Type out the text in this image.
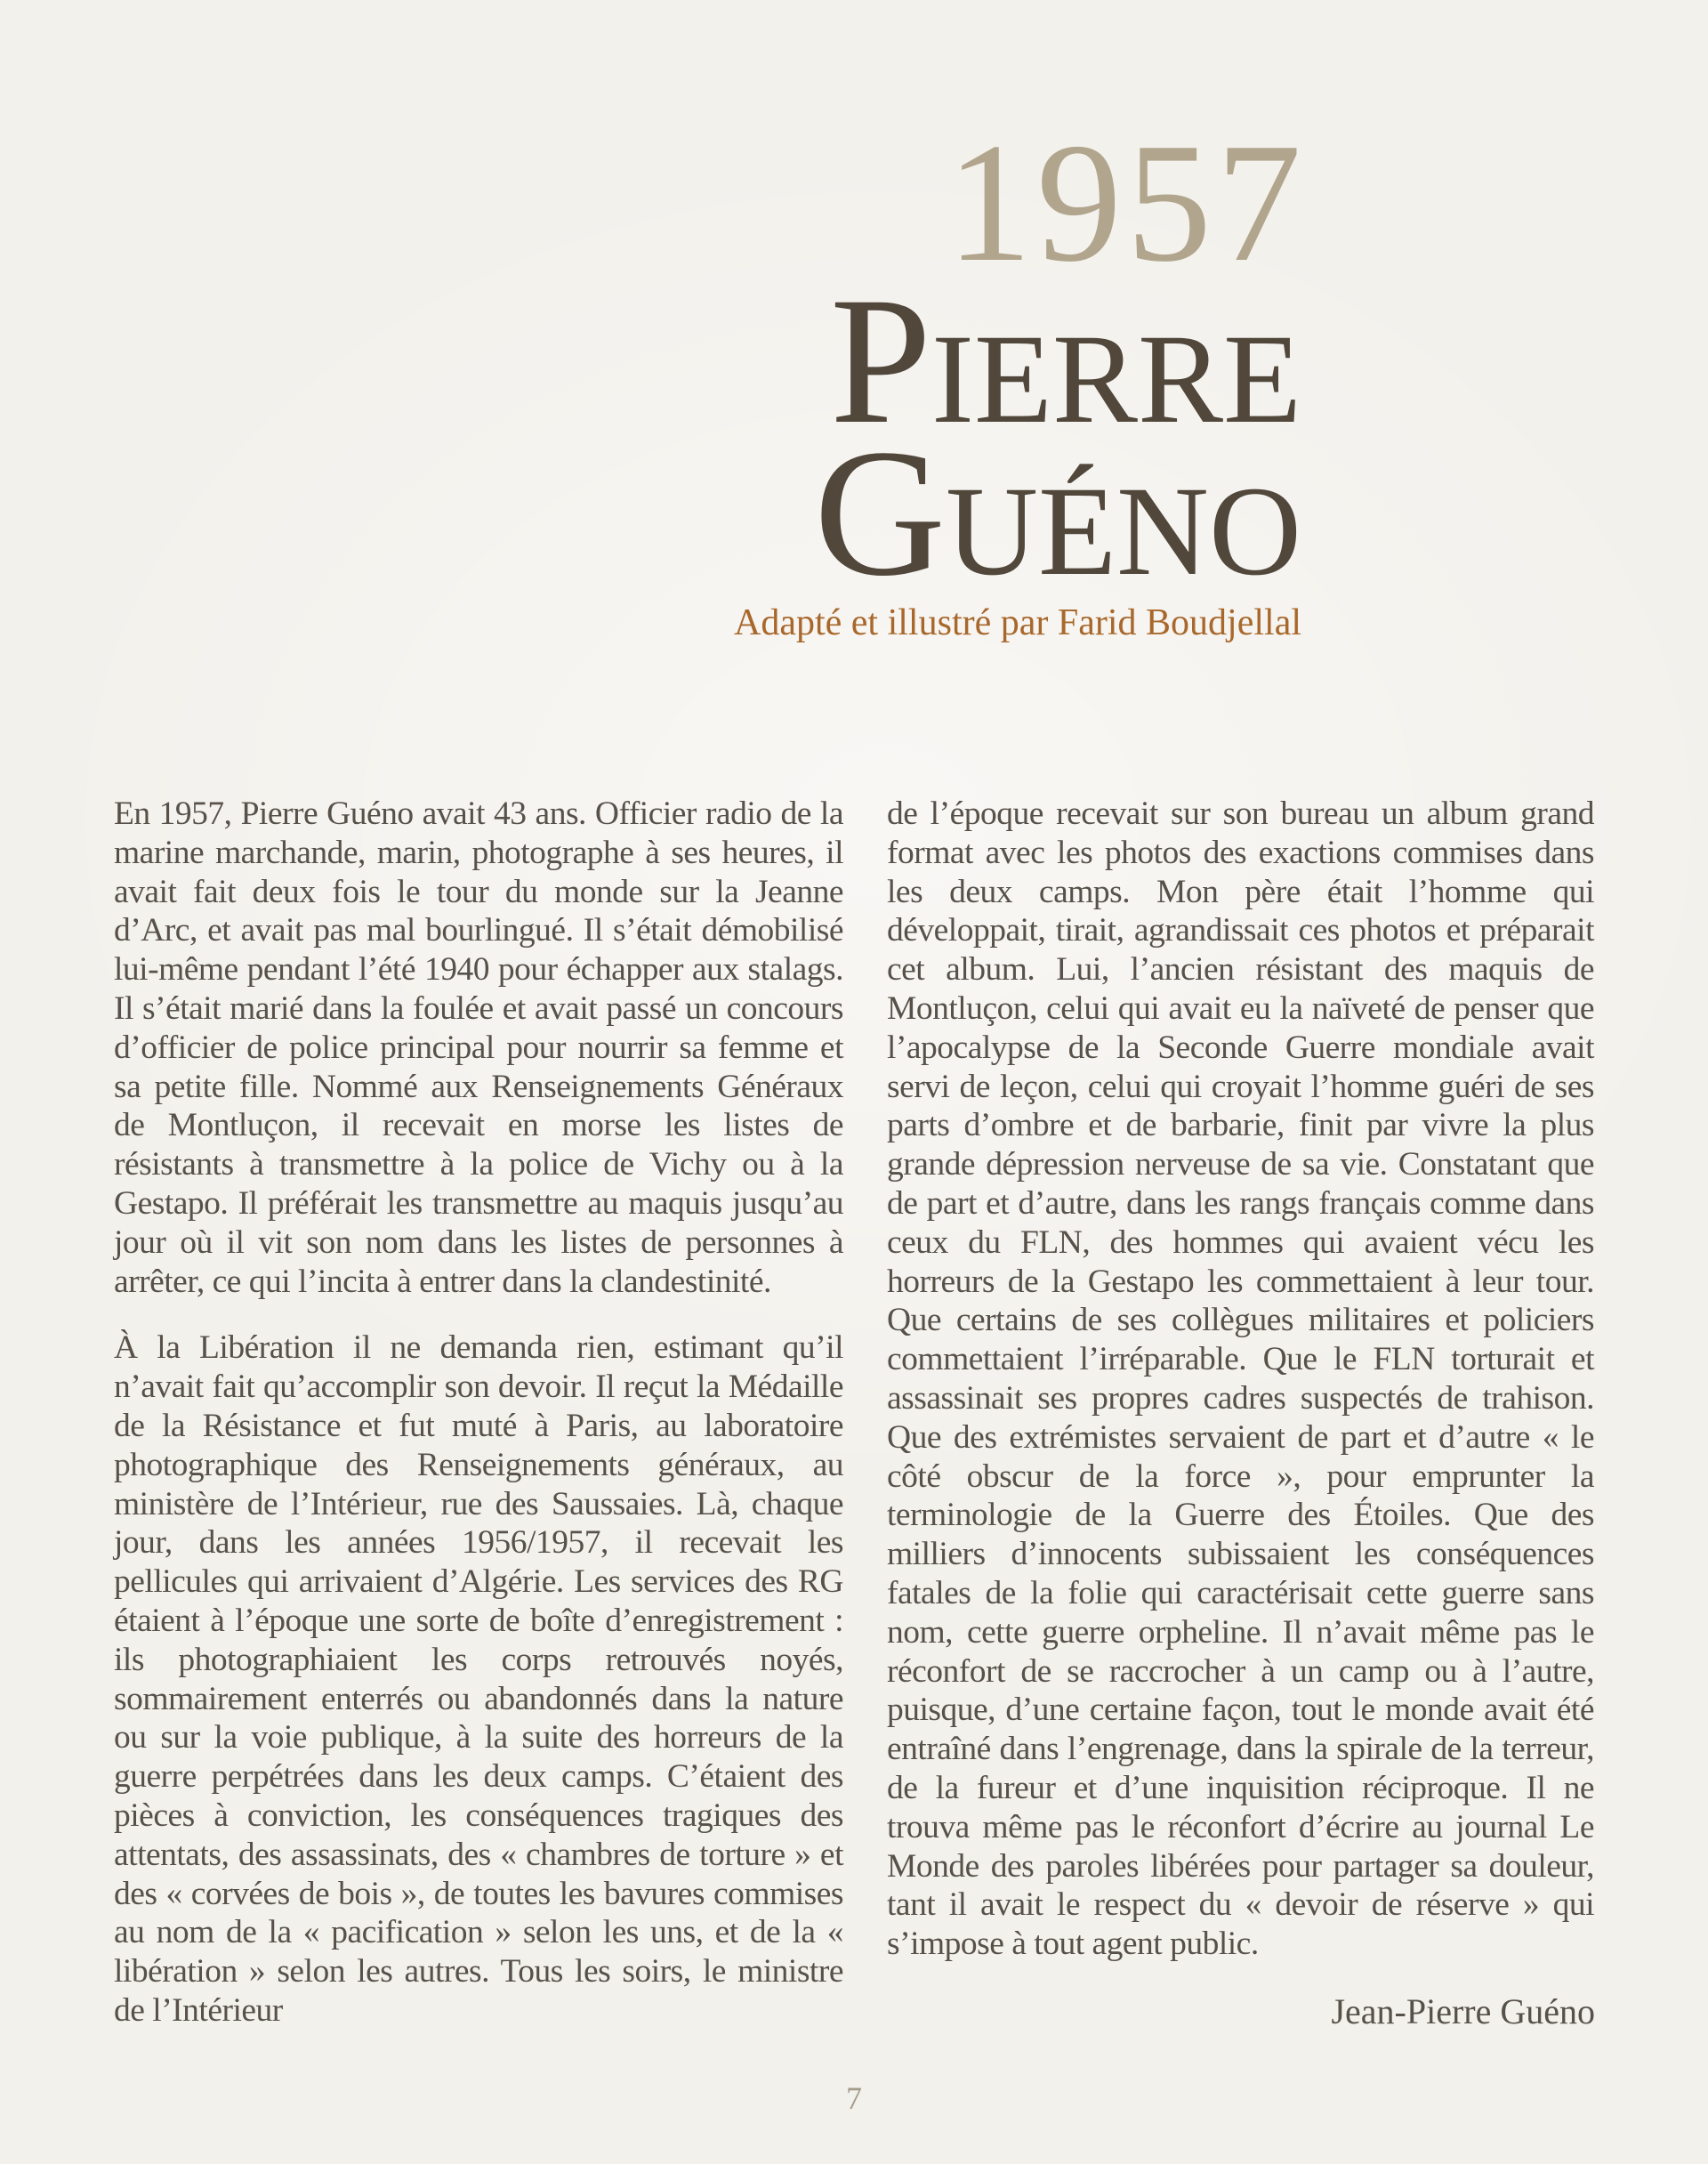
1957
Pierre
Guéno
Adapté et illustré par Farid Boudjellal

En 1957, Pierre Guéno avait 43 ans. Officier radio de la marine marchande, marin, photographe à ses heures, il avait fait deux fois le tour du monde sur la Jeanne d’Arc, et avait pas mal bourlingué. Il s’était démobilisé lui-même pendant l’été 1940 pour échapper aux stalags. Il s’était marié dans la foulée et avait passé un concours d’officier de police principal pour nourrir sa femme et sa petite fille. Nommé aux Renseignements Généraux de Montluçon, il recevait en morse les listes de résistants à transmettre à la police de Vichy ou à la Gestapo. Il préférait les transmettre au maquis jusqu’au jour où il vit son nom dans les listes de personnes à arrêter, ce qui l’incita à entrer dans la clandestinité.

À la Libération il ne demanda rien, estimant qu’il n’avait fait qu’accomplir son devoir. Il reçut la Médaille de la Résistance et fut muté à Paris, au laboratoire photographique des Renseignements généraux, au ministère de l’Intérieur, rue des Saussaies. Là, chaque jour, dans les années 1956/1957, il recevait les pellicules qui arrivaient d’Algérie. Les services des RG étaient à l’époque une sorte de boîte d’enregistrement : ils photographiaient les corps retrouvés noyés, sommairement enterrés ou abandonnés dans la nature ou sur la voie publique, à la suite des horreurs de la guerre perpétrées dans les deux camps. C’étaient des pièces à conviction, les conséquences tragiques des attentats, des assassinats, des « chambres de torture » et des « corvées de bois », de toutes les bavures commises au nom de la « pacification » selon les uns, et de la « libération » selon les autres. Tous les soirs, le ministre de l’Intérieur

de l’époque recevait sur son bureau un album grand format avec les photos des exactions commises dans les deux camps. Mon père était l’homme qui développait, tirait, agrandissait ces photos et préparait cet album. Lui, l’ancien résistant des maquis de Montluçon, celui qui avait eu la naïveté de penser que l’apocalypse de la Seconde Guerre mondiale avait servi de leçon, celui qui croyait l’homme guéri de ses parts d’ombre et de barbarie, finit par vivre la plus grande dépression nerveuse de sa vie. Constatant que de part et d’autre, dans les rangs français comme dans ceux du FLN, des hommes qui avaient vécu les horreurs de la Gestapo les commettaient à leur tour. Que certains de ses collègues militaires et policiers commettaient l’irréparable. Que le FLN torturait et assassinait ses propres cadres suspectés de trahison. Que des extrémistes servaient de part et d’autre « le côté obscur de la force », pour emprunter la terminologie de la Guerre des Étoiles. Que des milliers d’innocents subissaient les conséquences fatales de la folie qui caractérisait cette guerre sans nom, cette guerre orpheline. Il n’avait même pas le réconfort de se raccrocher à un camp ou à l’autre, puisque, d’une certaine façon, tout le monde avait été entraîné dans l’engrenage, dans la spirale de la terreur, de la fureur et d’une inquisition réciproque. Il ne trouva même pas le réconfort d’écrire au journal Le Monde des paroles libérées pour partager sa douleur, tant il avait le respect du « devoir de réserve » qui s’impose à tout agent public.

Jean-Pierre Guéno
7
